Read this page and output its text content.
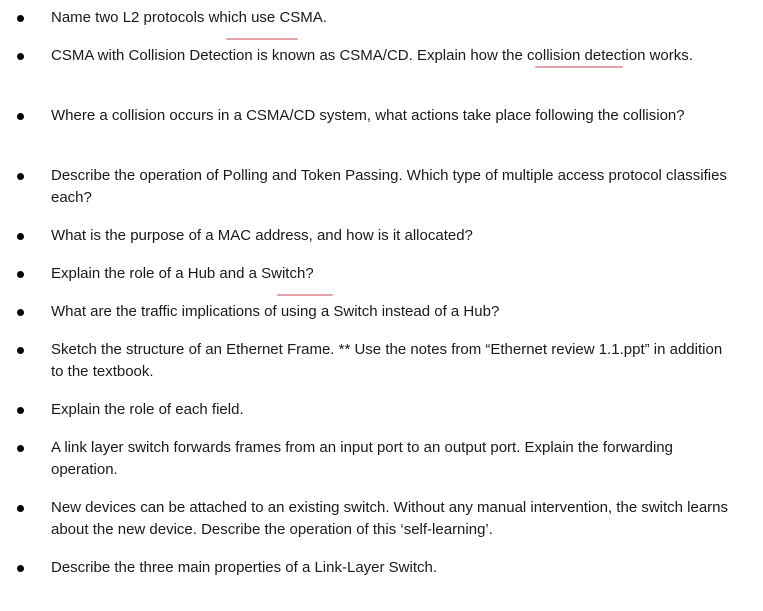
Name two L2 protocols which use CSMA.
CSMA with Collision Detection is known as CSMA/CD. Explain how the collision detection works.
Where a collision occurs in a CSMA/CD system, what actions take place following the collision?
Describe the operation of Polling and Token Passing. Which type of multiple access protocol classifies each?
What is the purpose of a MAC address, and how is it allocated?
Explain the role of a Hub and a Switch?
What are the traffic implications of using a Switch instead of a Hub?
Sketch the structure of an Ethernet Frame. ** Use the notes from “Ethernet review 1.1.ppt” in addition to the textbook.
Explain the role of each field.
A link layer switch forwards frames from an input port to an output port. Explain the forwarding operation.
New devices can be attached to an existing switch. Without any manual intervention, the switch learns about the new device. Describe the operation of this ‘self-learning’.
Describe the three main properties of a Link-Layer Switch.
